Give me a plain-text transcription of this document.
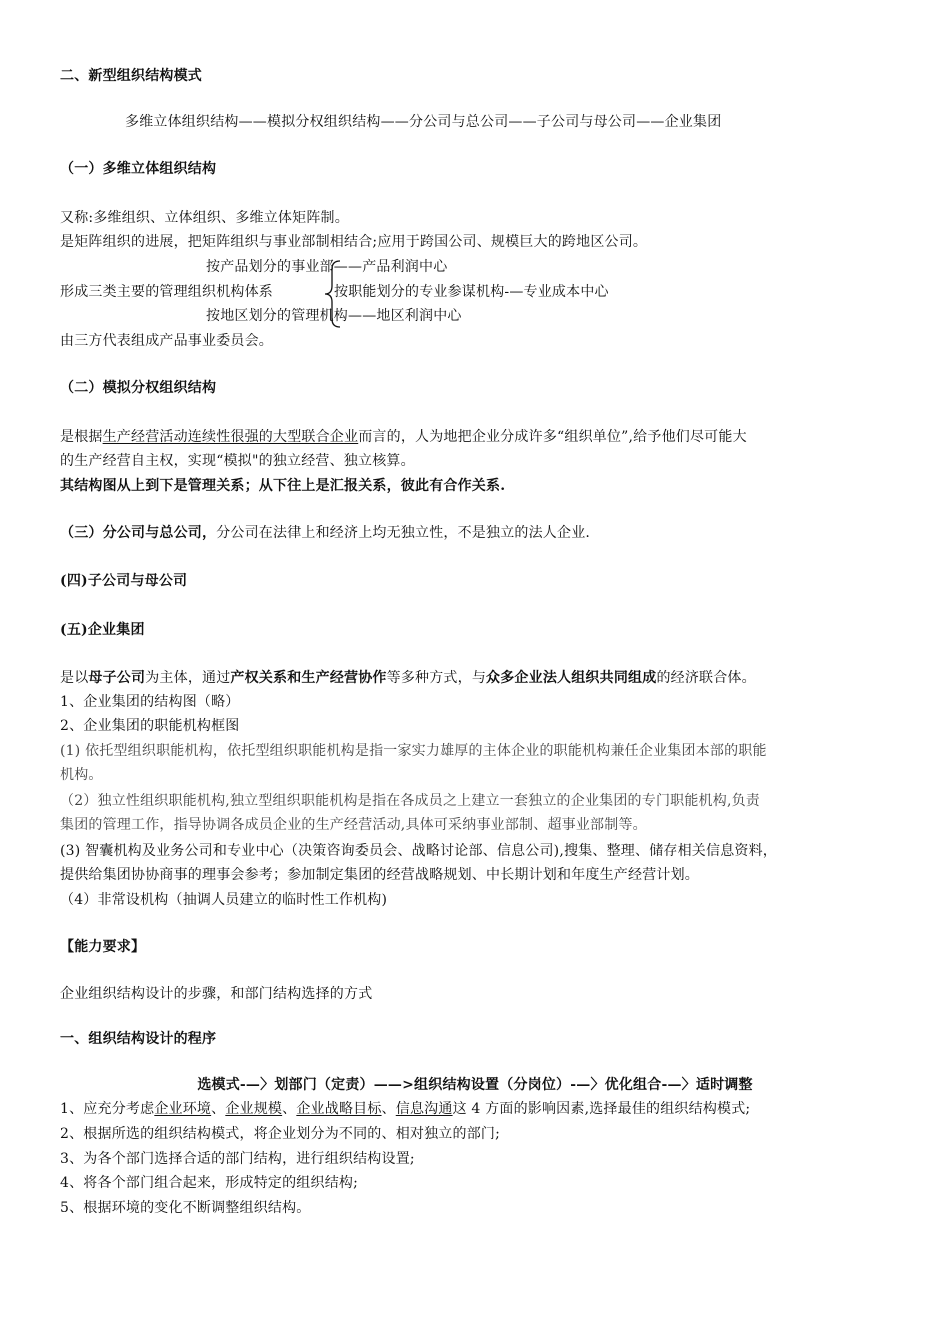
二、新型组织结构模式
多维立体组织结构——模拟分权组织结构——分公司与总公司——子公司与母公司——企业集团
（一）多维立体组织结构
又称:多维组织、立体组织、多维立体矩阵制。
是矩阵组织的进展，把矩阵组织与事业部制相结合;应用于跨国公司、规模巨大的跨地区公司。
按产品划分的事业部——产品利润中心
形成三类主要的管理组织机构体系	按职能划分的专业参谋机构-—专业成本中心
按地区划分的管理机构——地区利润中心
由三方代表组成产品事业委员会。
（二）模拟分权组织结构
是根据生产经营活动连续性很强的大型联合企业而言的，人为地把企业分成许多“组织单位”,给予他们尽可能大
的生产经营自主权，实现“模拟"的独立经营、独立核算。
其结构图从上到下是管理关系；从下往上是汇报关系，彼此有合作关系.
（三）分公司与总公司，分公司在法律上和经济上均无独立性，不是独立的法人企业.
(四)子公司与母公司
(五)企业集团
是以母子公司为主体，通过产权关系和生产经营协作等多种方式，与众多企业法人组织共同组成的经济联合体。
1、企业集团的结构图（略）
2、企业集团的职能机构框图
(1) 依托型组织职能机构，依托型组织职能机构是指一家实力雄厚的主体企业的职能机构兼任企业集团本部的职能
机构。
（2）独立性组织职能机构,独立型组织职能机构是指在各成员之上建立一套独立的企业集团的专门职能机构,负责
集团的管理工作，指导协调各成员企业的生产经营活动,具体可采纳事业部制、超事业部制等。
(3) 智囊机构及业务公司和专业中心（决策咨询委员会、战略讨论部、信息公司),搜集、整理、储存相关信息资料，
提供给集团协协商事的理事会参考；参加制定集团的经营战略规划、中长期计划和年度生产经营计划。
（4）非常设机构（抽调人员建立的临时性工作机构)
【能力要求】
企业组织结构设计的步骤，和部门结构选择的方式
一、组织结构设计的程序
选模式-—〉划部门（定责）——>组织结构设置（分岗位）-—〉优化组合-—〉适时调整
1、应充分考虑企业环境、企业规模、企业战略目标、信息沟通这 4 方面的影响因素,选择最佳的组织结构模式;
2、根据所选的组织结构模式，将企业划分为不同的、相对独立的部门;
3、为各个部门选择合适的部门结构，进行组织结构设置;
4、将各个部门组合起来，形成特定的组织结构;
5、根据环境的变化不断调整组织结构。
